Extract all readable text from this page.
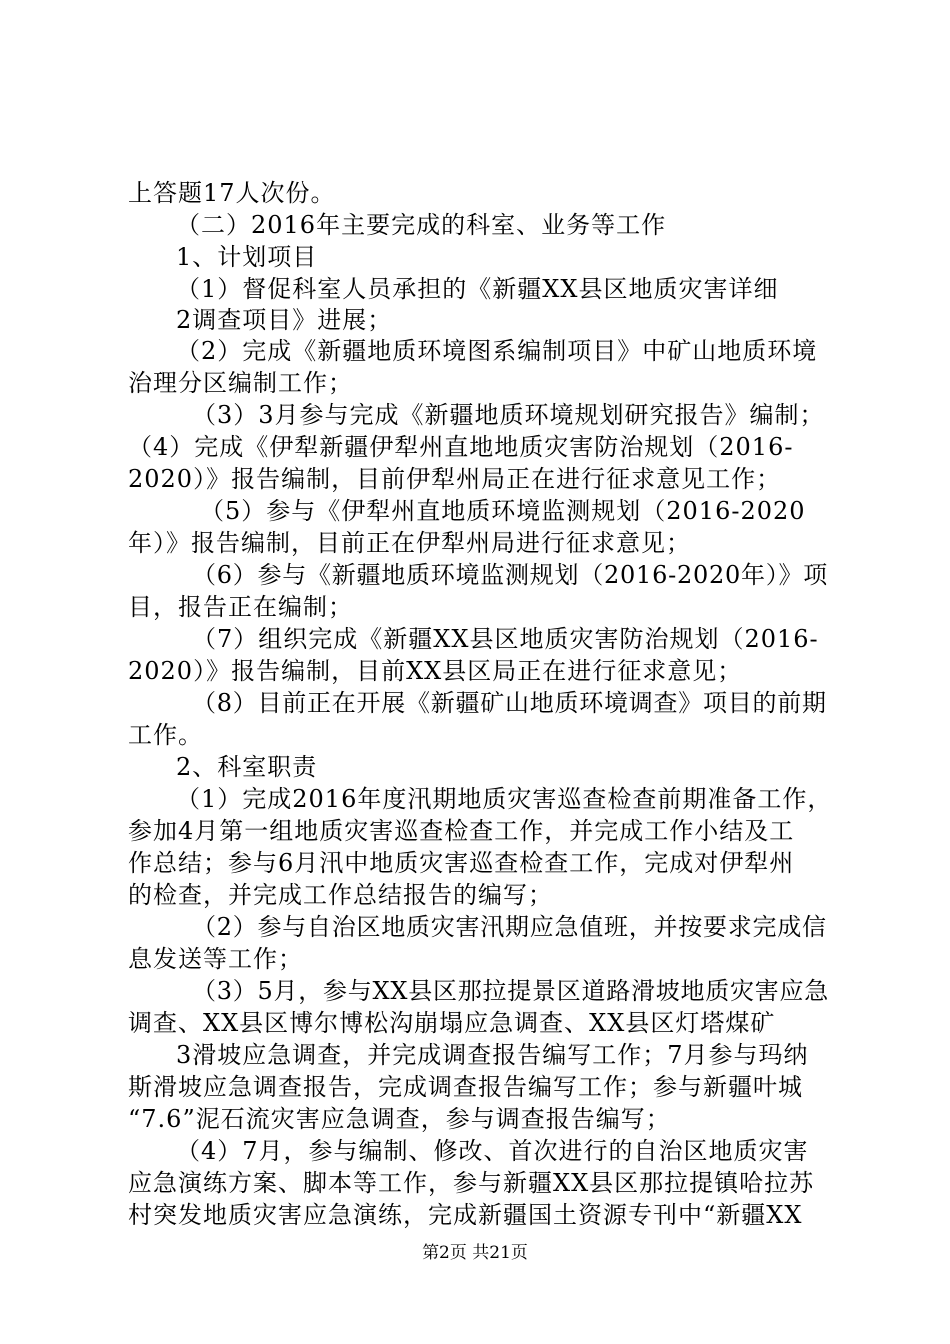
上答题17人次份。
（二）2016年主要完成的科室、业务等工作
1、计划项目
（1）督促科室人员承担的《新疆XX县区地质灾害详细
2调查项目》进展；
（2）完成《新疆地质环境图系编制项目》中矿山地质环境
治理分区编制工作；
（3）3月参与完成《新疆地质环境规划研究报告》编制；
（4）完成《伊犁新疆伊犁州直地地质灾害防治规划（2016-
2020）》报告编制，目前伊犁州局正在进行征求意见工作；
（5）参与《伊犁州直地质环境监测规划（2016-2020
年）》报告编制，目前正在伊犁州局进行征求意见；
（6）参与《新疆地质环境监测规划（2016-2020年）》项
目，报告正在编制；
（7）组织完成《新疆XX县区地质灾害防治规划（2016-
2020）》报告编制，目前XX县区局正在进行征求意见；
（8）目前正在开展《新疆矿山地质环境调查》项目的前期
工作。
2、科室职责
（1）完成2016年度汛期地质灾害巡查检查前期准备工作，
参加4月第一组地质灾害巡查检查工作，并完成工作小结及工
作总结；参与6月汛中地质灾害巡查检查工作，完成对伊犁州
的检查，并完成工作总结报告的编写；
（2）参与自治区地质灾害汛期应急值班，并按要求完成信
息发送等工作；
（3）5月，参与XX县区那拉提景区道路滑坡地质灾害应急
调查、XX县区博尔博松沟崩塌应急调查、XX县区灯塔煤矿
3滑坡应急调查，并完成调查报告编写工作；7月参与玛纳
斯滑坡应急调查报告，完成调查报告编写工作；参与新疆叶城
“7.6”泥石流灾害应急调查，参与调查报告编写；
（4）7月，参与编制、修改、首次进行的自治区地质灾害
应急演练方案、脚本等工作，参与新疆XX县区那拉提镇哈拉苏
村突发地质灾害应急演练，完成新疆国土资源专刊中“新疆XX
第2页 共21页
